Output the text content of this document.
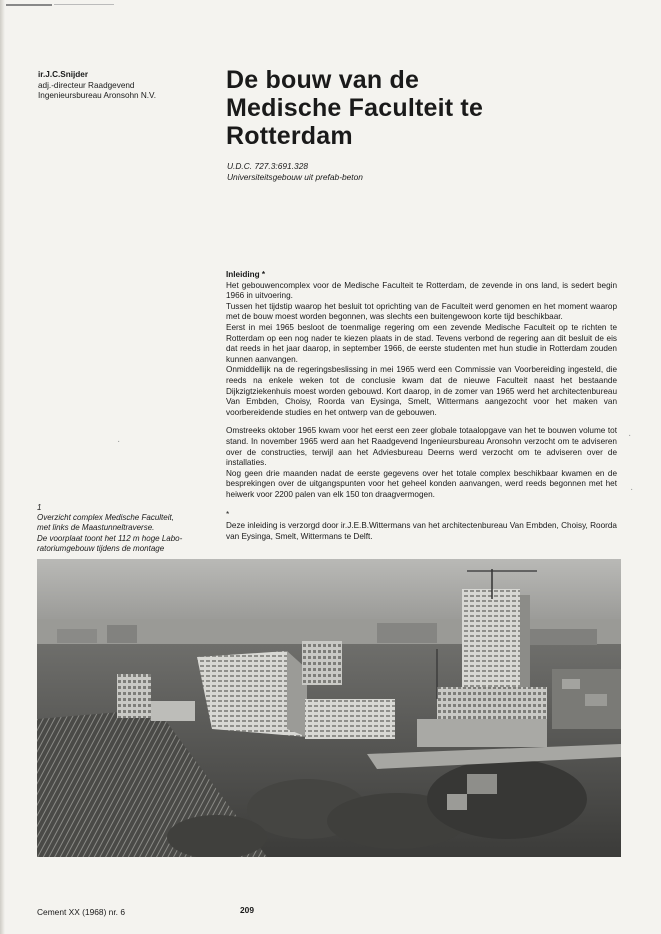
ir.J.C.Snijder
adj.-directeur Raadgevend
Ingenieursbureau Aronsohn N.V.
De bouw van de
Medische Faculteit te
Rotterdam
U.D.C. 727.3:691.328
Universiteitsgebouw uit prefab-beton

Inleiding *

Het gebouwencomplex voor de Medische Faculteit te Rotterdam, de zevende in ons land, is sedert begin 1966 in uitvoering.

Tussen het tijdstip waarop het besluit tot oprichting van de Faculteit werd genomen en het moment waarop met de bouw moest worden begonnen, was slechts een buitengewoon korte tijd beschikbaar.

Eerst in mei 1965 besloot de toenmalige regering om een zevende Medische Faculteit op te richten te Rotterdam op een nog nader te kiezen plaats in de stad. Tevens verbond de regering aan dit besluit de eis dat reeds in het jaar daarop, in september 1966, de eerste studenten met hun studie in Rotterdam zouden kunnen aanvangen.

Onmiddellijk na de regeringsbeslissing in mei 1965 werd een Commissie van Voorbereiding ingesteld, die reeds na enkele weken tot de conclusie kwam dat de nieuwe Faculteit naast het bestaande Dijkzigtziekenhuis moest worden gebouwd. Kort daarop, in de zomer van 1965 werd het architectenbureau Van Embden, Choisy, Roorda van Eysinga, Smelt, Wittermans aangezocht voor het maken van voorbereidende studies en het ontwerp van de gebouwen.

Omstreeks oktober 1965 kwam voor het eerst een zeer globale totaalopgave van het te bouwen volume tot stand. In november 1965 werd aan het Raadgevend Ingenieursbureau Aronsohn verzocht om te adviseren over de constructies, terwijl aan het Adviesbureau Deerns werd verzocht om te adviseren over de installaties.

Nog geen drie maanden nadat de eerste gegevens over het totale complex beschikbaar kwamen en de besprekingen over de uitgangspunten voor het geheel konden aanvangen, werd reeds begonnen met het heiwerk voor 2200 palen van elk 150 ton draagvermogen.

*

Deze inleiding is verzorgd door ir.J.E.B.Wittermans van het architectenbureau Van Embden, Choisy, Roorda van Eysinga, Smelt, Wittermans te Delft.

1
Overzicht complex Medische Faculteit,
met links de Maastunneltraverse.
De voorplaat toont het 112 m hoge Labo-
ratoriumgebouw tijdens de montage
·
·
·
Cement XX (1968) nr. 6	209
